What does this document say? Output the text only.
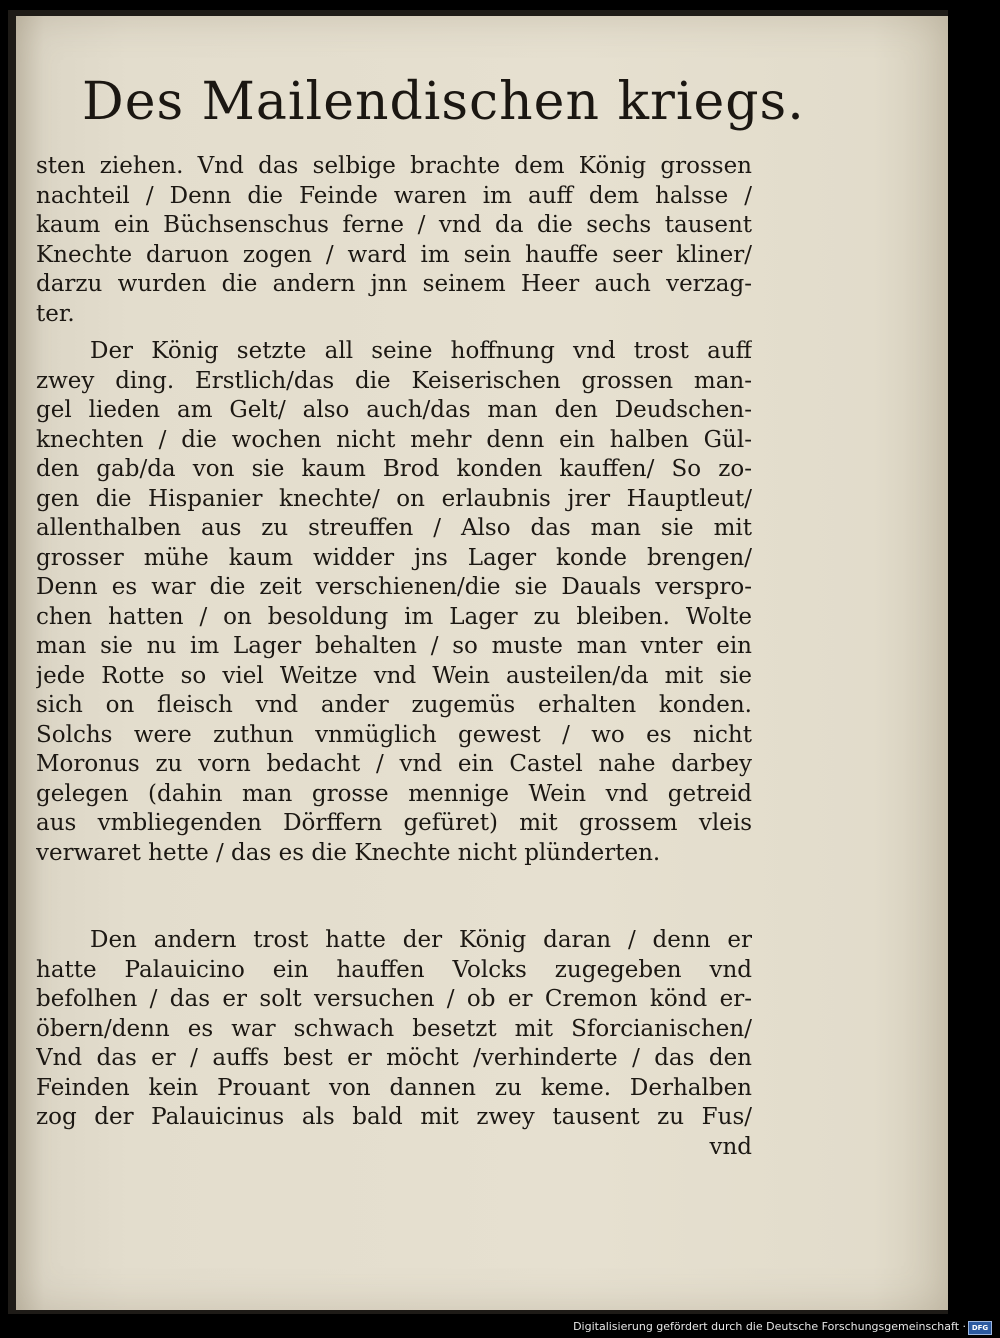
Des Mailendischen kriegs.
sten ziehen. Vnd das selbige brachte dem König grossen
nachteil / Denn die Feinde waren im auff dem halsse /
kaum ein Büchsenschus ferne / vnd da die sechs tausent
Knechte daruon zogen / ward im sein hauffe seer kliner/
darzu wurden die andern jnn seinem Heer auch verzag-
ter.
Der König setzte all seine hoffnung vnd trost auff
zwey ding. Erstlich/das die Keiserischen grossen man-
gel lieden am Gelt/ also auch/das man den Deudschen-
knechten / die wochen nicht mehr denn ein halben Gül-
den gab/da von sie kaum Brod konden kauffen/ So zo-
gen die Hispanier knechte/ on erlaubnis jrer Hauptleut/
allenthalben aus zu streuffen / Also das man sie mit
grosser mühe kaum widder jns Lager konde brengen/
Denn es war die zeit verschienen/die sie Dauals verspro-
chen hatten / on besoldung im Lager zu bleiben. Wolte
man sie nu im Lager behalten / so muste man vnter ein
jede Rotte so viel Weitze vnd Wein austeilen/da mit sie
sich on fleisch vnd ander zugemüs erhalten konden.
Solchs were zuthun vnmüglich gewest / wo es nicht
Moronus zu vorn bedacht / vnd ein Castel nahe darbey
gelegen (dahin man grosse mennige Wein vnd getreid
aus vmbliegenden Dörffern gefüret) mit grossem vleis
verwaret hette / das es die Knechte nicht plünderten.
Den andern trost hatte der König daran / denn er
hatte Palauicino ein hauffen Volcks zugegeben vnd
befolhen / das er solt versuchen / ob er Cremon könd er-
öbern/denn es war schwach besetzt mit Sforcianischen/
Vnd das er / auffs best er möcht /verhinderte / das den
Feinden kein Prouant von dannen zu keme. Derhalben
zog der Palauicinus als bald mit zwey tausent zu Fus/
vnd
Digitalisierung gefördert durch die Deutsche Forschungsgemeinschaft · DFG
